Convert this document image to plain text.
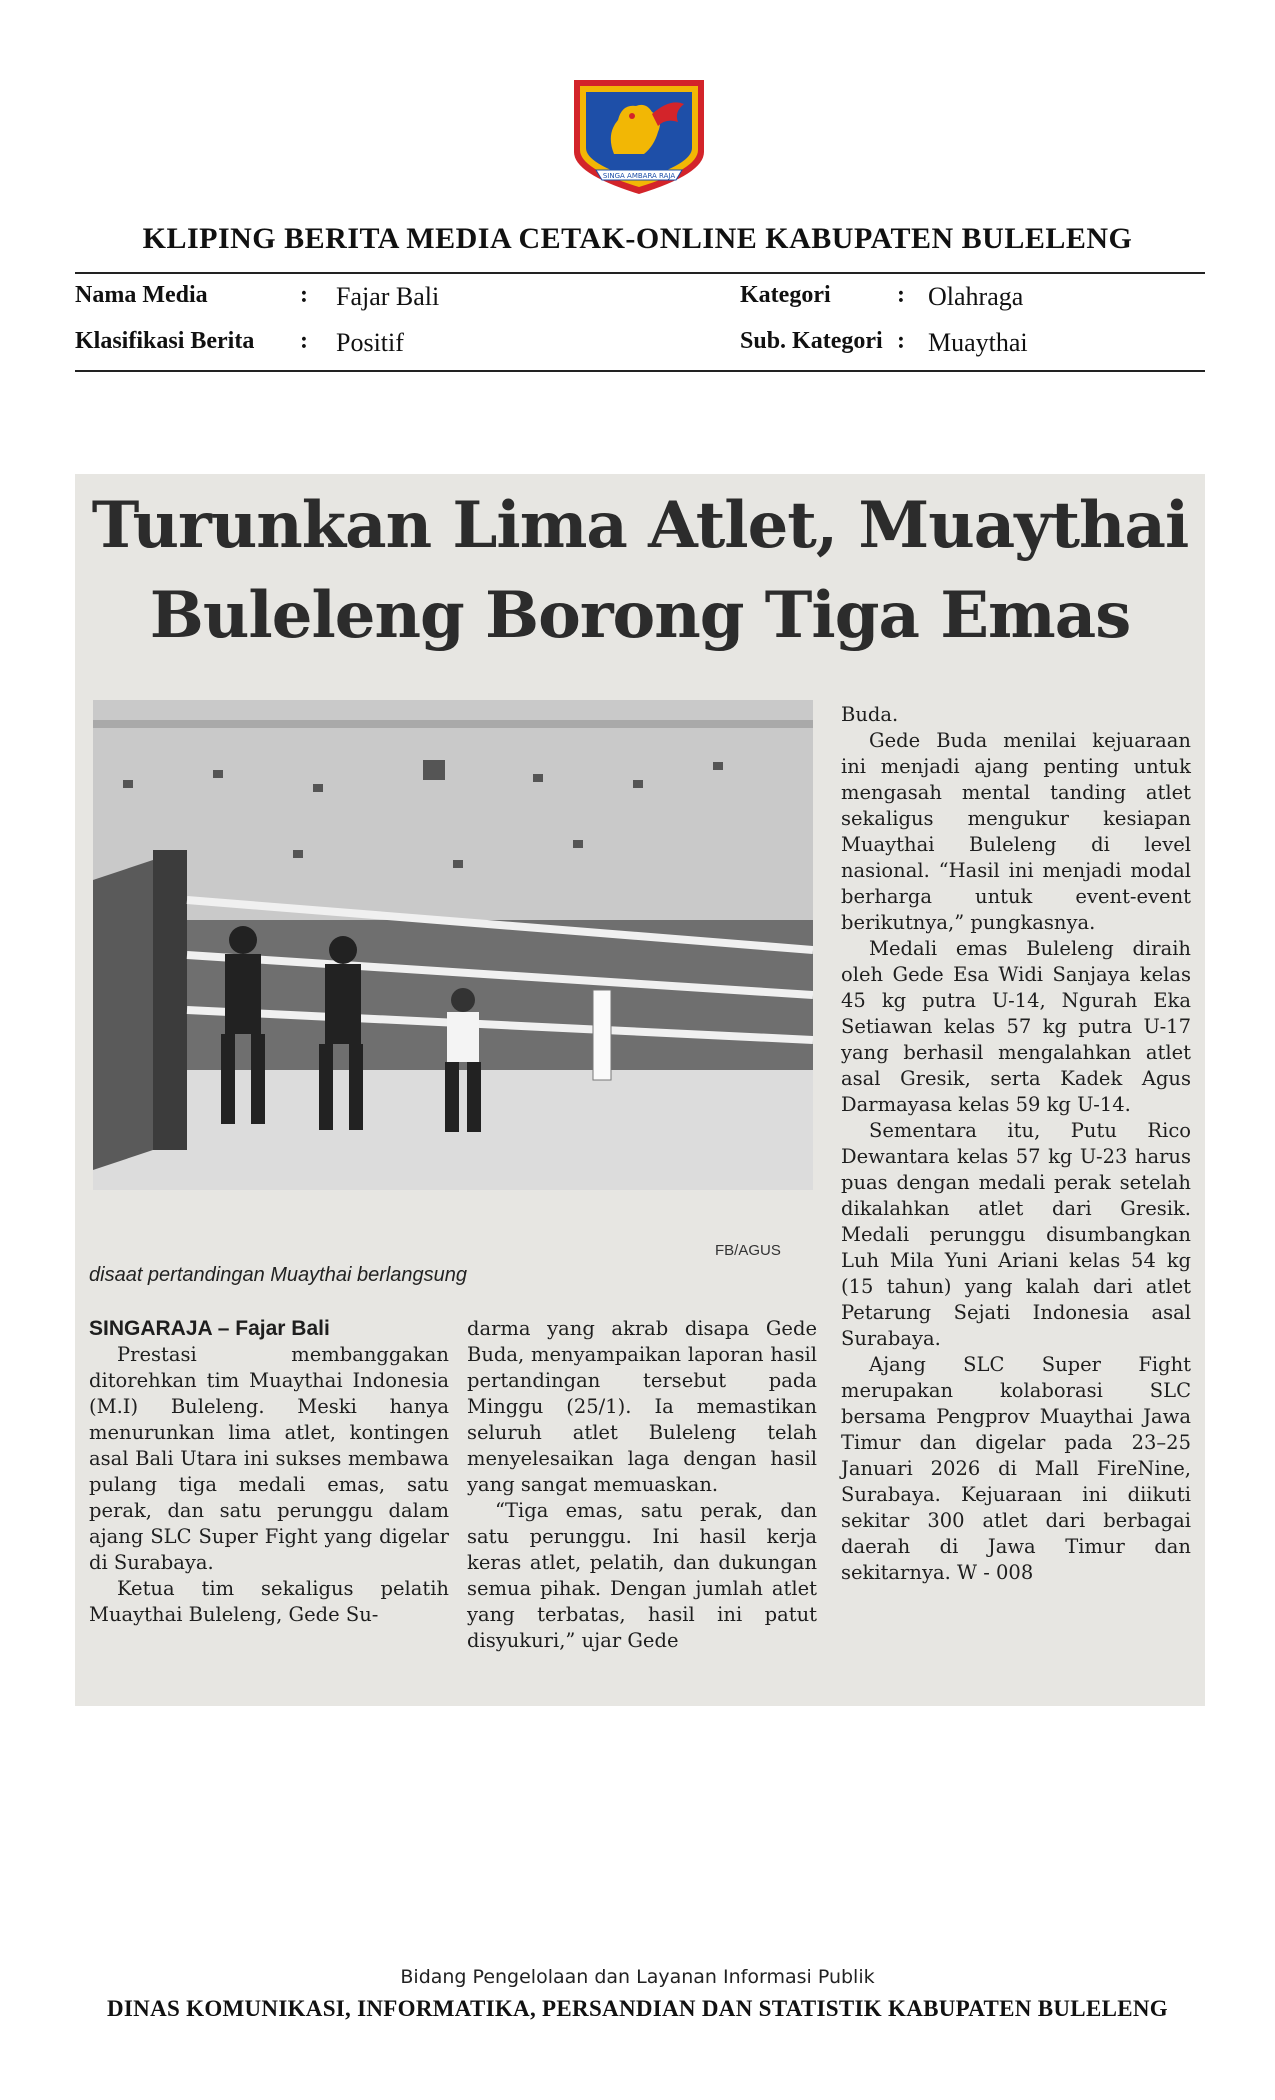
SINGA AMBARA RAJA
KLIPING BERITA MEDIA CETAK-ONLINE KABUPATEN BULELENG
Nama Media	: Fajar Bali
Klasifikasi Berita : Positif
Kategori	: Olahraga
Sub. Kategori : Muaythai
Turunkan Lima Atlet, Muaythai
Buleleng Borong Tiga Emas
FB/AGUS
disaat pertandingan Muaythai berlangsung
SINGARAJA – Fajar Bali

Prestasi membanggakan ditorehkan tim Muaythai Indonesia (M.I) Buleleng. Meski hanya menurunkan lima atlet, kontingen asal Bali Utara ini sukses membawa pulang tiga medali emas, satu perak, dan satu perunggu dalam ajang SLC Super Fight yang digelar di Surabaya.

Ketua tim sekaligus pelatih Muaythai Buleleng, Gede Su-

darma yang akrab disapa Gede Buda, menyampaikan laporan hasil pertandingan tersebut pada Minggu (25/1). Ia memastikan seluruh atlet Buleleng telah menyelesaikan laga dengan hasil yang sangat memuaskan.

“Tiga emas, satu perak, dan satu perunggu. Ini hasil kerja keras atlet, pelatih, dan dukungan semua pihak. Dengan jumlah atlet yang terbatas, hasil ini patut disyukuri,” ujar Gede

Buda.

Gede Buda menilai kejuaraan ini menjadi ajang penting untuk mengasah mental tanding atlet sekaligus mengukur kesiapan Muaythai Buleleng di level nasional. “Hasil ini menjadi modal berharga untuk event-event berikutnya,” pungkasnya.

Medali emas Buleleng diraih oleh Gede Esa Widi Sanjaya kelas 45 kg putra U-14, Ngurah Eka Setiawan kelas 57 kg putra U-17 yang berhasil mengalahkan atlet asal Gresik, serta Kadek Agus Darmayasa kelas 59 kg U-14.

Sementara itu, Putu Rico Dewantara kelas 57 kg U-23 harus puas dengan medali perak setelah dikalahkan atlet dari Gresik. Medali perunggu disumbangkan Luh Mila Yuni Ariani kelas 54 kg (15 tahun) yang kalah dari atlet Petarung Sejati Indonesia asal Surabaya.

Ajang SLC Super Fight merupakan kolaborasi SLC bersama Pengprov Muaythai Jawa Timur dan digelar pada 23–25 Januari 2026 di Mall FireNine, Surabaya. Kejuaraan ini diikuti sekitar 300 atlet dari berbagai daerah di Jawa Timur dan sekitarnya. W - 008

Bidang Pengelolaan dan Layanan Informasi Publik
DINAS KOMUNIKASI, INFORMATIKA, PERSANDIAN DAN STATISTIK KABUPATEN BULELENG
